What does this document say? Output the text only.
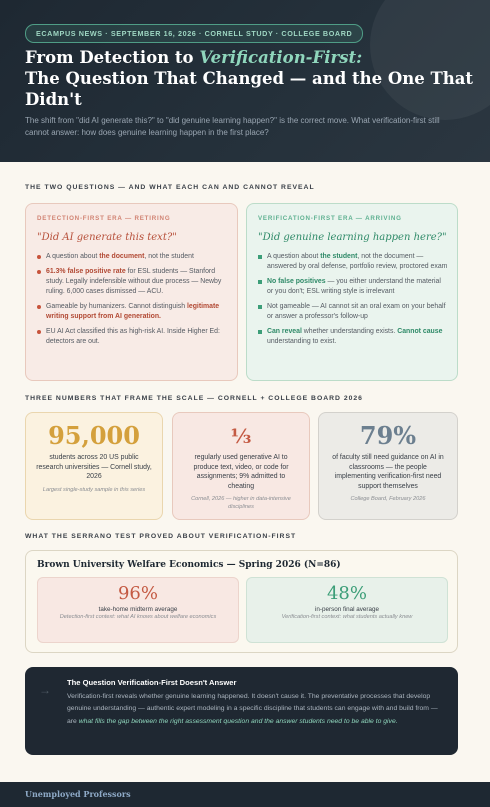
ECAMPUS NEWS · SEPTEMBER 16, 2026 · CORNELL STUDY · COLLEGE BOARD
From Detection to Verification-First:
The Question That Changed — and the One That Didn't

The shift from "did AI generate this?" to "did genuine learning happen?" is the correct move. What verification-first still cannot answer: how does genuine learning happen in the first place?

THE TWO QUESTIONS — AND WHAT EACH CAN AND CANNOT REVEAL
DETECTION-FIRST ERA — RETIRING
"Did AI generate this text?"
A question about the document, not the student
61.3% false positive rate for ESL students — Stanford study. Legally indefensible without due process — Newby ruling. 6,000 cases dismissed — ACU.
Gameable by humanizers. Cannot distinguish legitimate writing support from AI generation.
EU AI Act classified this as high-risk AI. Inside Higher Ed: detectors are out.
VERIFICATION-FIRST ERA — ARRIVING
"Did genuine learning happen here?"
A question about the student, not the document — answered by oral defense, portfolio review, proctored exam
No false positives — you either understand the material or you don't; ESL writing style is irrelevant
Not gameable — AI cannot sit an oral exam on your behalf or answer a professor's follow-up
Can reveal whether understanding exists. Cannot cause understanding to exist.
THREE NUMBERS THAT FRAME THE SCALE — CORNELL + COLLEGE BOARD 2026
95,000
students across 20 US public research universities — Cornell study, 2026
Largest single-study sample in this series
⅓
regularly used generative AI to produce text, video, or code for assignments; 9% admitted to cheating
Cornell, 2026 — higher in data-intensive disciplines
79%
of faculty still need guidance on AI in classrooms — the people implementing verification-first need support themselves
College Board, February 2026
WHAT THE SERRANO TEST PROVED ABOUT VERIFICATION-FIRST
Brown University Welfare Economics — Spring 2026 (N=86)
96%
take-home midterm average
Detection-first context: what AI knows about welfare economics
48%
in-person final average
Verification-first context: what students actually knew
→
The Question Verification-First Doesn't Answer

Verification-first reveals whether genuine learning happened. It doesn't cause it. The preventative processes that develop genuine understanding — authentic expert modeling in a specific discipline that students can engage with and build from — are what fills the gap between the right assessment question and the answer students need to be able to give.

Unemployed Professors
